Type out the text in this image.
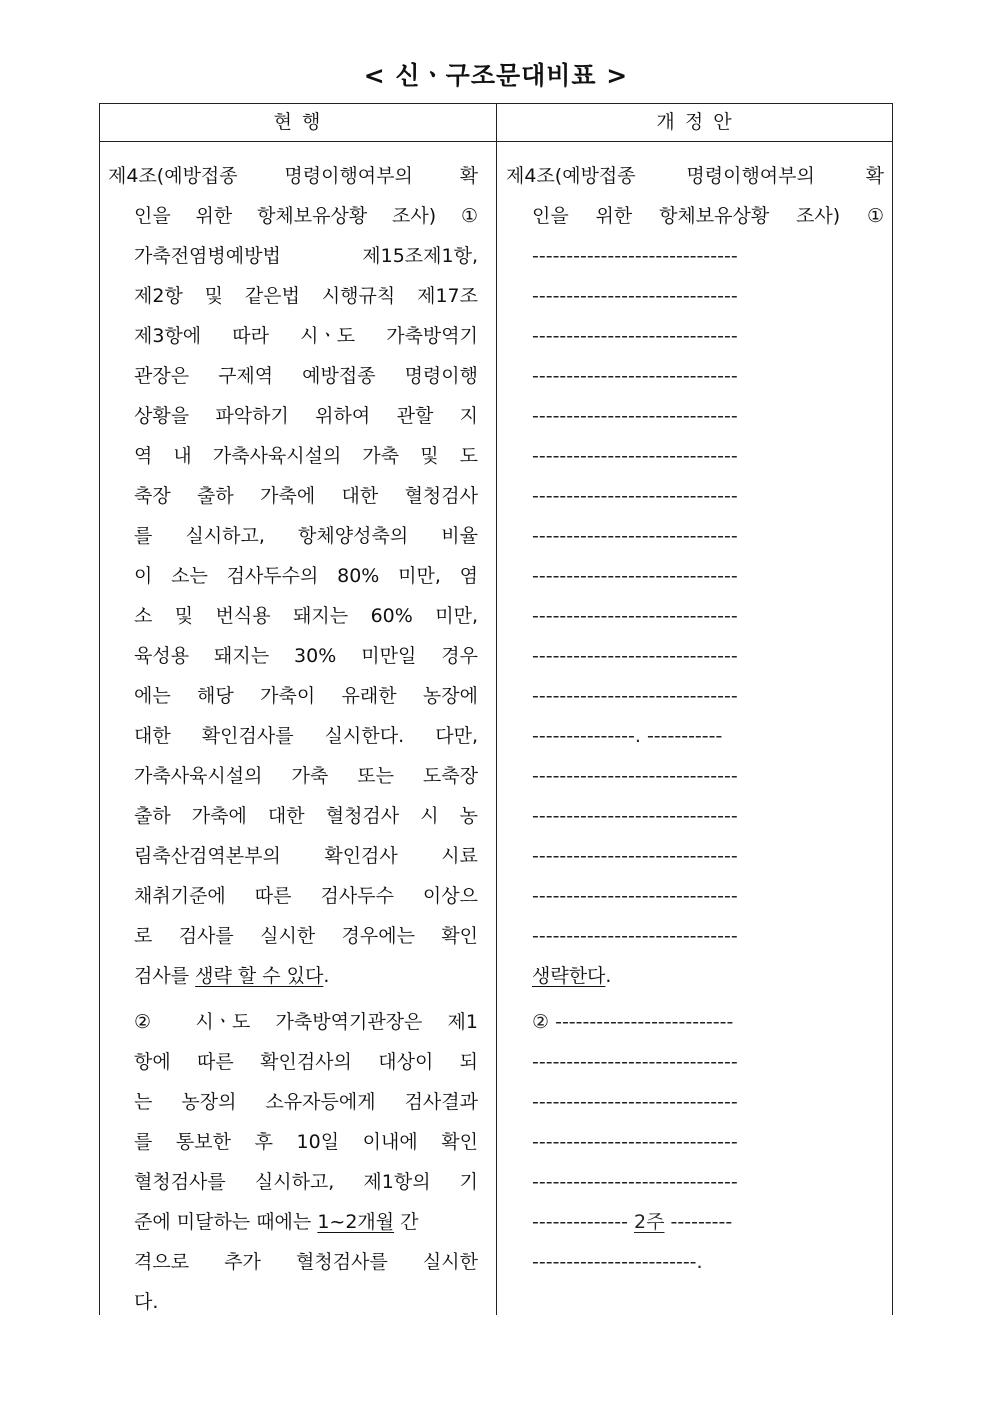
< 신ㆍ구조문대비표 >
현 행	개 정 안
제4조(예방접종 명령이행여부의 확
인을 위한 항체보유상황 조사) ①
가축전염병예방법 제15조제1항,
제2항 및 같은법 시행규칙 제17조
제3항에 따라 시ㆍ도 가축방역기
관장은 구제역 예방접종 명령이행
상황을 파악하기 위하여 관할 지
역 내 가축사육시설의 가축 및 도
축장 출하 가축에 대한 혈청검사
를 실시하고, 항체양성축의 비율
이 소는 검사두수의 80% 미만, 염
소 및 번식용 돼지는 60% 미만,
육성용 돼지는 30% 미만일 경우
에는 해당 가축이 유래한 농장에
대한 확인검사를 실시한다. 다만,
가축사육시설의 가축 또는 도축장
출하 가축에 대한 혈청검사 시 농
림축산검역본부의 확인검사 시료
채취기준에 따른 검사두수 이상으
로 검사를 실시한 경우에는 확인
검사를 생략 할 수 있다.
② 시ㆍ도 가축방역기관장은 제1
항에 따른 확인검사의 대상이 되
는 농장의 소유자등에게 검사결과
를 통보한 후 10일 이내에 확인
혈청검사를 실시하고, 제1항의 기
준에 미달하는 때에는 1~2개월 간
격으로 추가 혈청검사를 실시한
다.
제4조(예방접종 명령이행여부의 확
인을 위한 항체보유상황 조사) ①
------------------------------
------------------------------
------------------------------
------------------------------
------------------------------
------------------------------
------------------------------
------------------------------
------------------------------
------------------------------
------------------------------
------------------------------
---------------. -----------
------------------------------
------------------------------
------------------------------
------------------------------
------------------------------
생략한다.
② --------------------------
------------------------------
------------------------------
------------------------------
------------------------------
-------------- 2주 ---------
------------------------.
